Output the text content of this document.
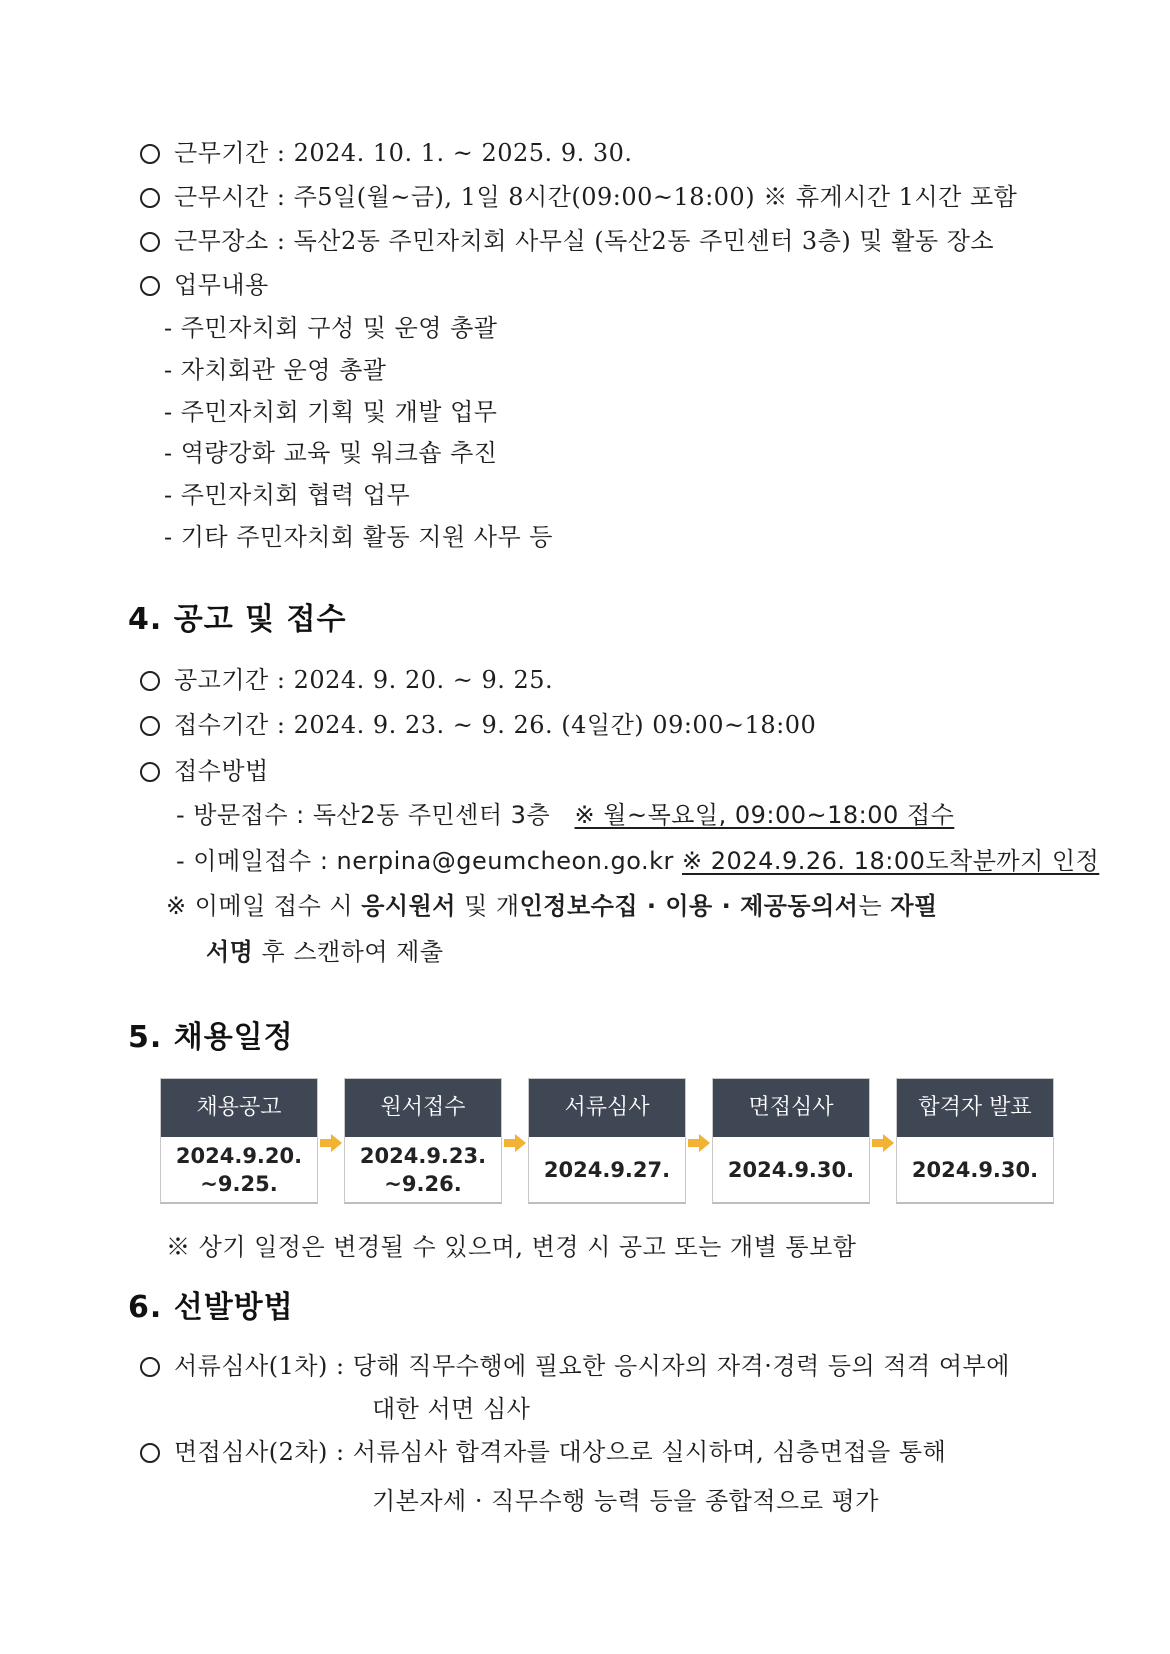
근무기간 : 2024. 10. 1. ~ 2025. 9. 30.
근무시간 : 주5일(월~금), 1일 8시간(09:00~18:00) ※ 휴게시간 1시간 포함
근무장소 : 독산2동 주민자치회 사무실 (독산2동 주민센터 3층) 및 활동 장소
업무내용
- 주민자치회 구성 및 운영 총괄
- 자치회관 운영 총괄
- 주민자치회 기획 및 개발 업무
- 역량강화 교육 및 워크숍 추진
- 주민자치회 협력 업무
- 기타 주민자치회 활동 지원 사무 등
4. 공고 및 접수
공고기간 : 2024. 9. 20. ~ 9. 25.
접수기간 : 2024. 9. 23. ~ 9. 26. (4일간) 09:00~18:00
접수방법
- 방문접수 : 독산2동 주민센터 3층 ※ 월~목요일, 09:00~18:00 접수
- 이메일접수 : nerpina@geumcheon.go.kr ※ 2024.9.26. 18:00도착분까지 인정
※ 이메일 접수 시 응시원서 및 개인정보수집 · 이용 · 제공동의서는 자필
서명 후 스캔하여 제출
5. 채용일정
채용공고
2024.9.20.
~9.25.
원서접수
2024.9.23.
~9.26.
서류심사
2024.9.27.
면접심사
2024.9.30.
합격자 발표
2024.9.30.
※ 상기 일정은 변경될 수 있으며, 변경 시 공고 또는 개별 통보함
6. 선발방법
서류심사(1차) : 당해 직무수행에 필요한 응시자의 자격·경력 등의 적격 여부에
대한 서면 심사
면접심사(2차) : 서류심사 합격자를 대상으로 실시하며, 심층면접을 통해
기본자세 · 직무수행 능력 등을 종합적으로 평가
